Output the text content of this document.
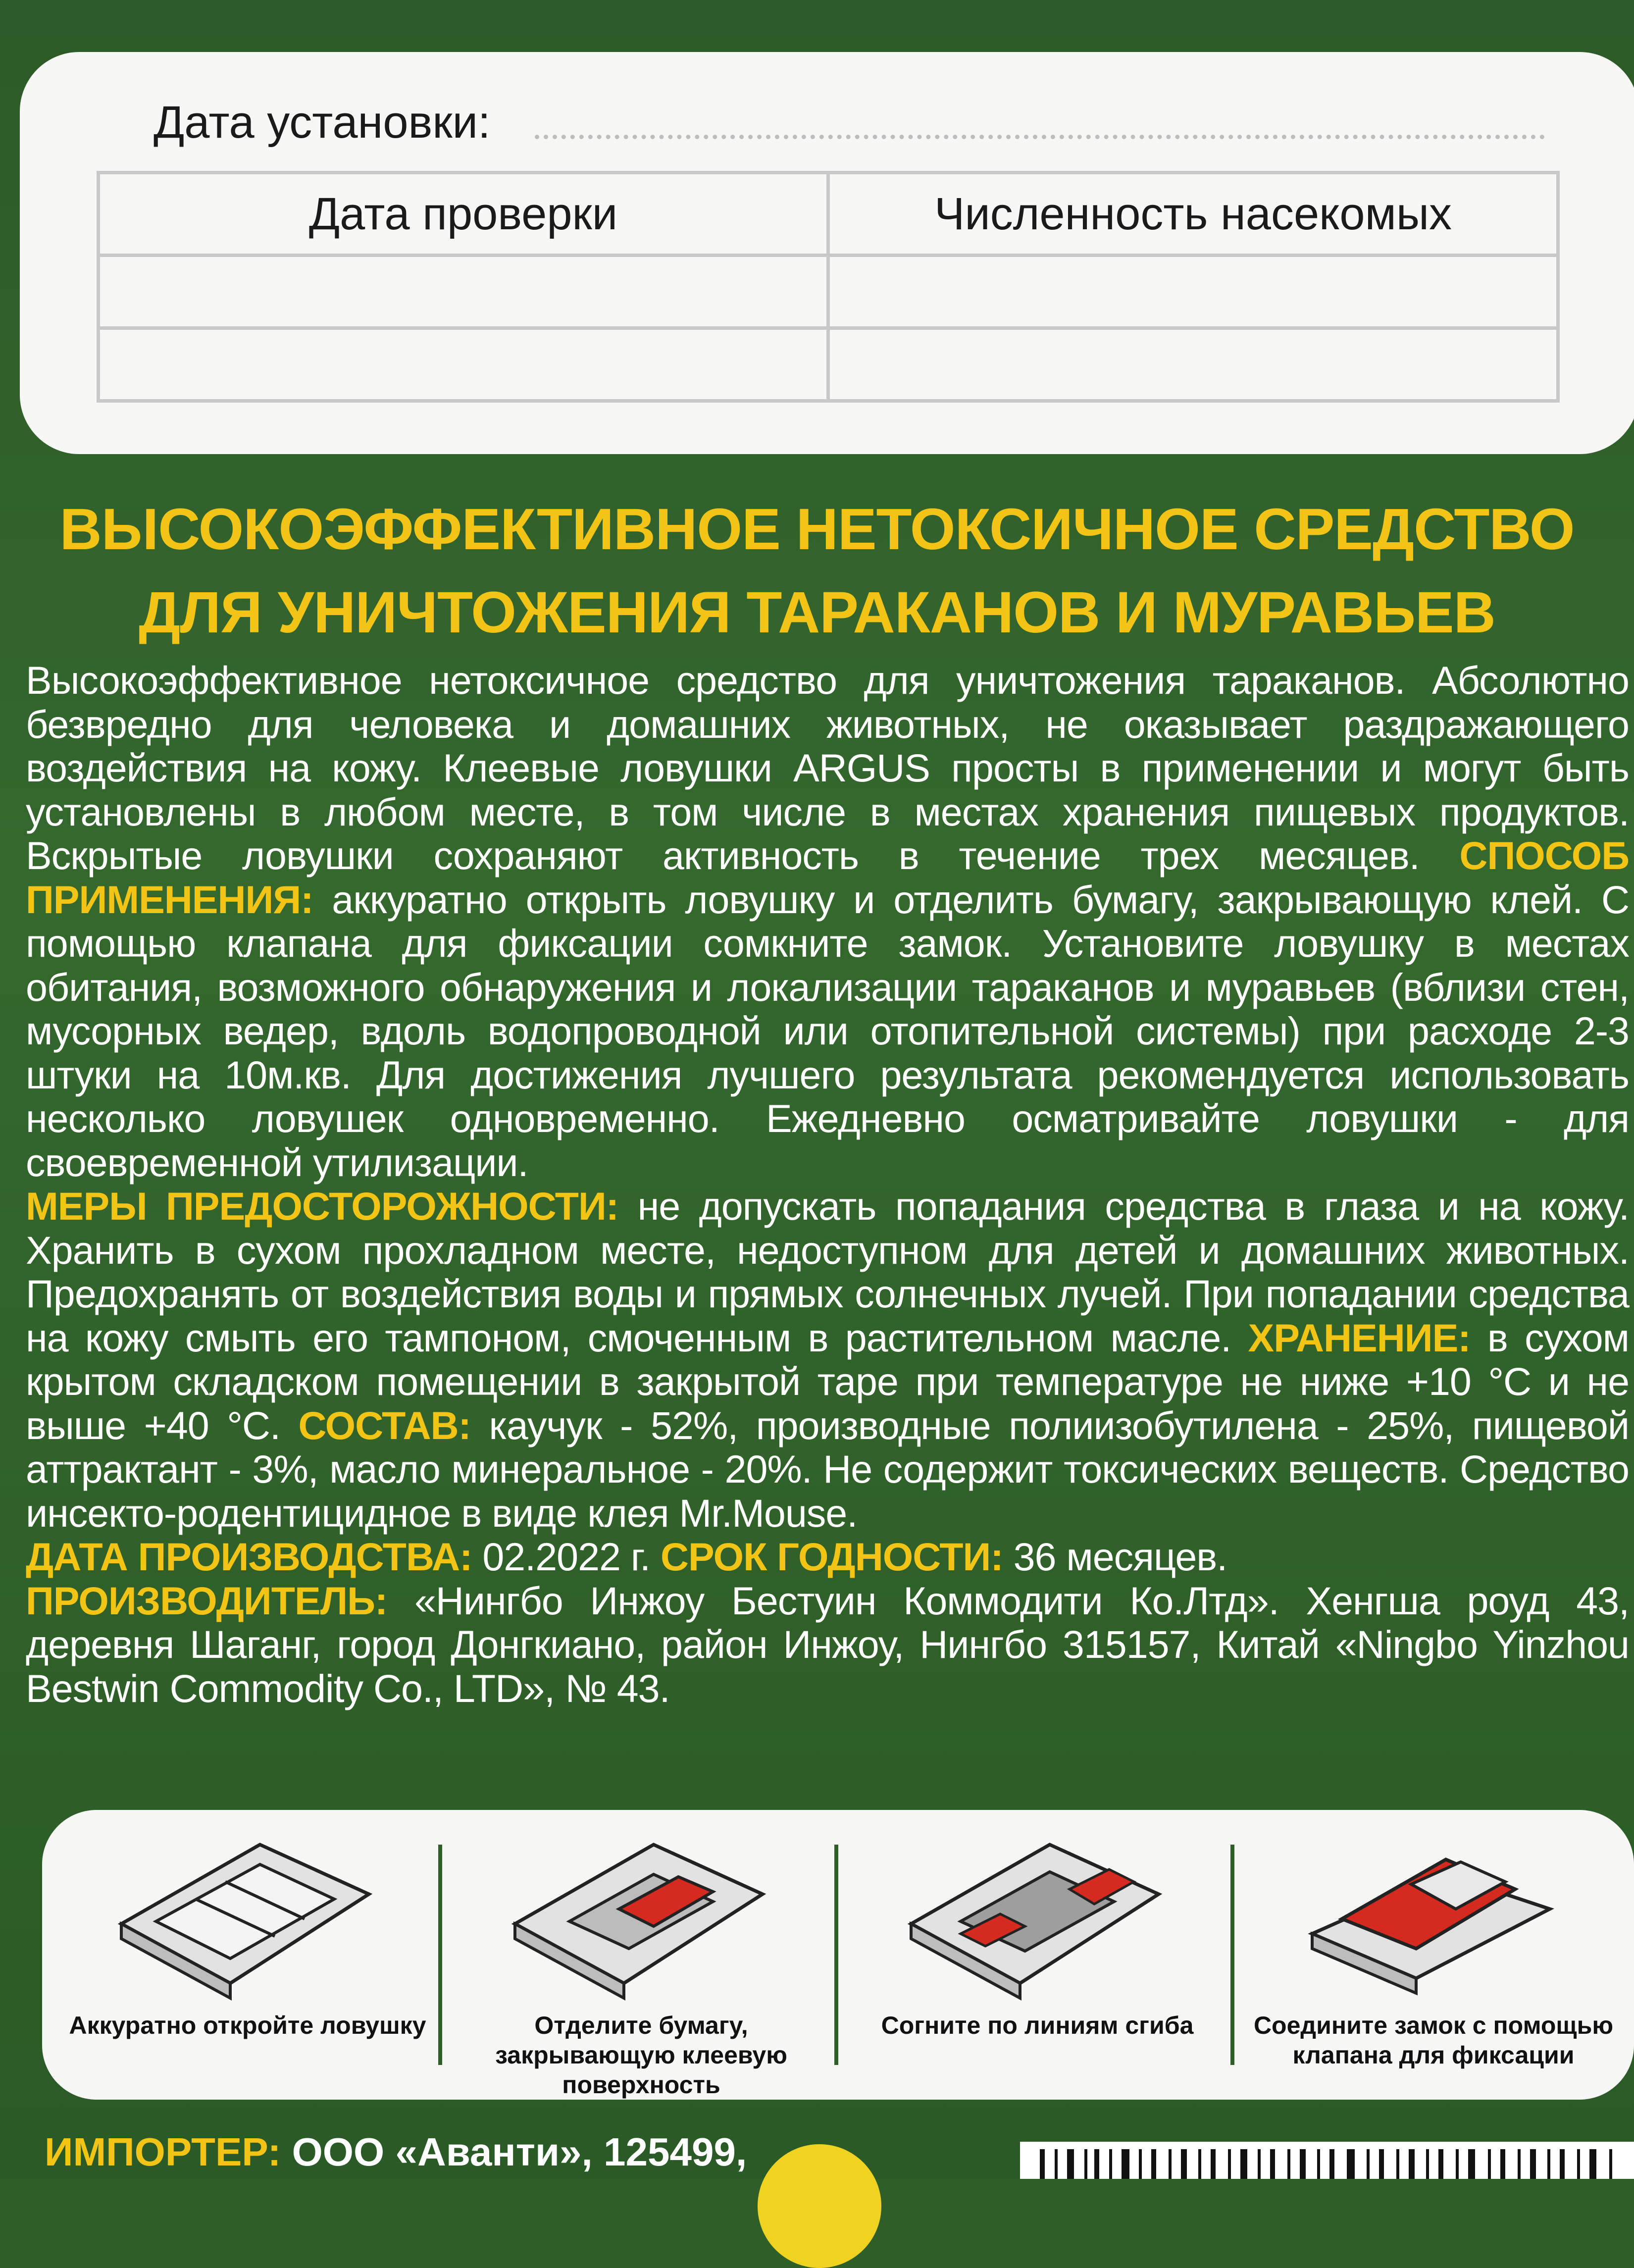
Дата установки:
Дата проверки	Численность насекомых

ВЫСОКОЭФФЕКТИВНОЕ НЕТОКСИЧНОЕ СРЕДСТВО
ДЛЯ УНИЧТОЖЕНИЯ ТАРАКАНОВ И МУРАВЬЕВ

Высокоэффективное нетоксичное средство для уничтожения тараканов. Абсолютно безвредно для человека и домашних животных, не оказывает раздражающего воздействия на кожу. Клеевые ловушки ARGUS просты в применении и могут быть установлены в любом месте, в том числе в местах хранения пищевых продуктов. Вскрытые ловушки сохраняют активность в течение трех месяцев. СПОСОБ ПРИМЕНЕНИЯ: аккуратно открыть ловушку и отделить бумагу, закрывающую клей. С помощью клапана для фиксации сомкните замок. Установите ловушку в местах обитания, возможного обнаружения и локализации тараканов и муравьев (вблизи стен, мусорных ведер, вдоль водопроводной или отопительной системы) при расходе 2-3 штуки на 10м.кв. Для достижения лучшего результата рекомендуется использовать несколько ловушек одновременно. Ежедневно осматривайте ловушки - для своевременной утилизации.

МЕРЫ ПРЕДОСТОРОЖНОСТИ: не допускать попадания средства в глаза и на кожу. Хранить в сухом прохладном месте, недоступном для детей и домашних животных. Предохранять от воздействия воды и прямых солнечных лучей. При попадании средства на кожу смыть его тампоном, смоченным в растительном масле. ХРАНЕНИЕ: в сухом крытом складском помещении в закрытой таре при температуре не ниже +10 °С и не выше +40 °С. СОСТАВ: каучук - 52%, производные полиизобутилена - 25%, пищевой аттрактант - 3%, масло минеральное - 20%. Не содержит токсических веществ. Средство инсекто-родентицидное в виде клея Mr.Mouse.

ДАТА ПРОИЗВОДСТВА: 02.2022 г. СРОК ГОДНОСТИ: 36 месяцев.

ПРОИЗВОДИТЕЛЬ: «Нингбо Инжоу Бестуин Коммодити Ко.Лтд». Хенгша роуд 43, деревня Шаганг, город Донгкиано, район Инжоу, Нингбо 315157, Китай «Ningbo Yinzhou Bestwin Commodity Co., LTD», № 43.

Аккуратно откройте ловушку	Отделите бумагу, закрывающую клеевую поверхность
Согните по линиям сгиба	Соедините замок с помощью клапана для фиксации
ИМПОРТЕР: ООО «Аванти», 125499,
